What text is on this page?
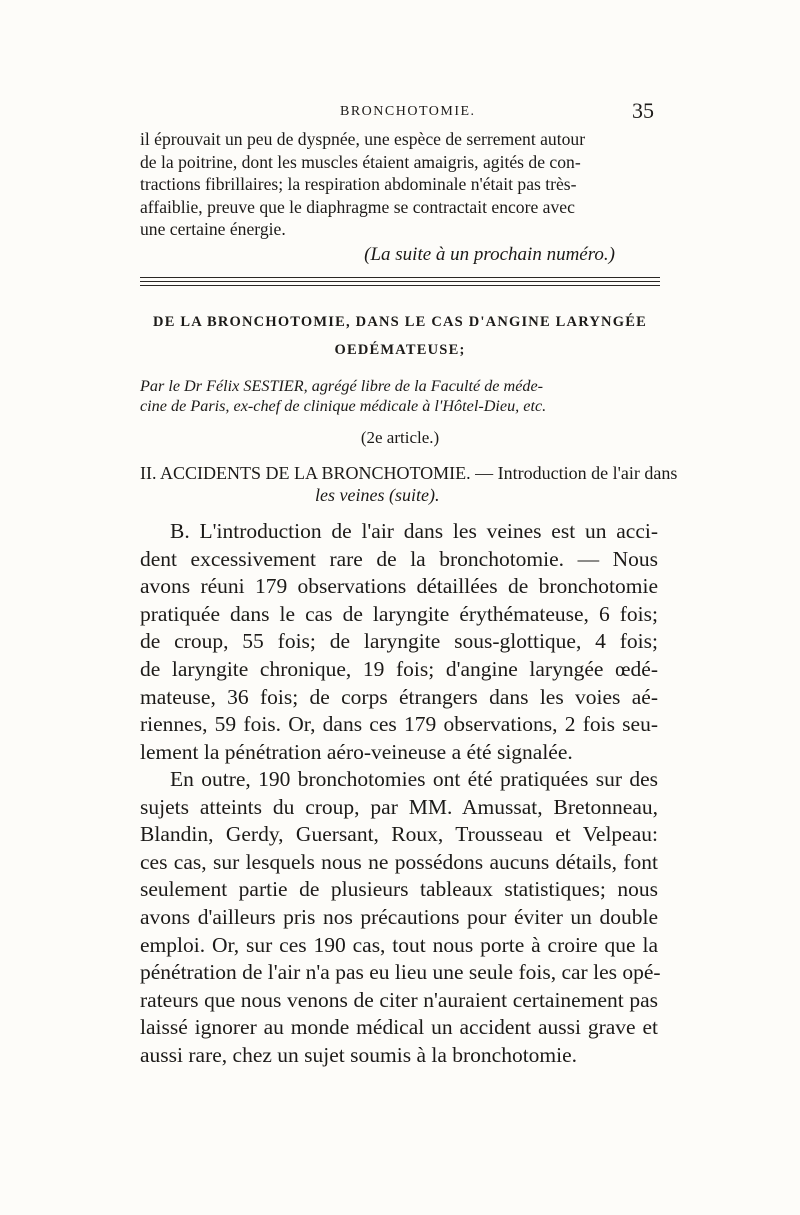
BRONCHOTOMIE.	35
il éprouvait un peu de dyspnée, une espèce de serrement autour
de la poitrine, dont les muscles étaient amaigris, agités de con-
tractions fibrillaires; la respiration abdominale n'était pas très-
affaiblie, preuve que le diaphragme se contractait encore avec
une certaine énergie.
(La suite à un prochain numéro.)
DE LA BRONCHOTOMIE, DANS LE CAS D'ANGINE LARYNGÉE
OEDÉMATEUSE;
Par le Dr Félix SESTIER, agrégé libre de la Faculté de méde-
cine de Paris, ex-chef de clinique médicale à l'Hôtel-Dieu, etc.
(2e article.)
II. ACCIDENTS DE LA BRONCHOTOMIE. — Introduction de l'air dans
les veines (suite).
B. L'introduction de l'air dans les veines est un acci-
dent excessivement rare de la bronchotomie. — Nous
avons réuni 179 observations détaillées de bronchotomie
pratiquée dans le cas de laryngite érythémateuse, 6 fois;
de croup, 55 fois; de laryngite sous-glottique, 4 fois;
de laryngite chronique, 19 fois; d'angine laryngée œdé-
mateuse, 36 fois; de corps étrangers dans les voies aé-
riennes, 59 fois. Or, dans ces 179 observations, 2 fois seu-
lement la pénétration aéro-veineuse a été signalée.
En outre, 190 bronchotomies ont été pratiquées sur des
sujets atteints du croup, par MM. Amussat, Bretonneau,
Blandin, Gerdy, Guersant, Roux, Trousseau et Velpeau:
ces cas, sur lesquels nous ne possédons aucuns détails, font
seulement partie de plusieurs tableaux statistiques; nous
avons d'ailleurs pris nos précautions pour éviter un double
emploi. Or, sur ces 190 cas, tout nous porte à croire que la
pénétration de l'air n'a pas eu lieu une seule fois, car les opé-
rateurs que nous venons de citer n'auraient certainement pas
laissé ignorer au monde médical un accident aussi grave et
aussi rare, chez un sujet soumis à la bronchotomie.
